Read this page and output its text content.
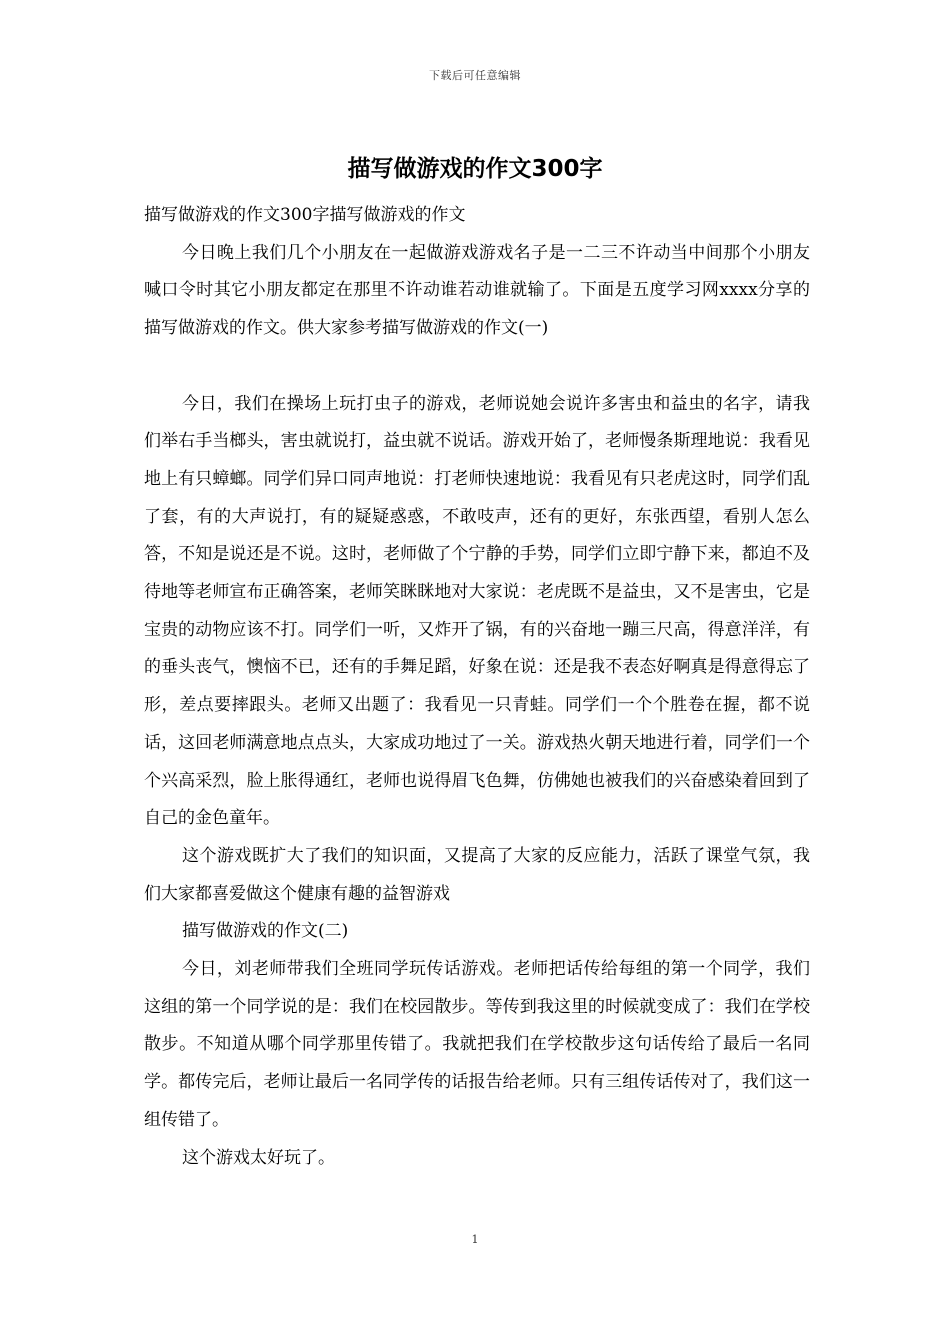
下载后可任意编辑
描写做游戏的作文300字

描写做游戏的作文300字描写做游戏的作文

今日晚上我们几个小朋友在一起做游戏游戏名子是一二三不许动当中间那个小朋友喊口令时其它小朋友都定在那里不许动谁若动谁就输了。下面是五度学习网xxxx分享的描写做游戏的作文。供大家参考描写做游戏的作文(一)

今日，我们在操场上玩打虫子的游戏，老师说她会说许多害虫和益虫的名字，请我们举右手当榔头，害虫就说打，益虫就不说话。游戏开始了，老师慢条斯理地说：我看见地上有只蟑螂。同学们异口同声地说：打老师快速地说：我看见有只老虎这时，同学们乱了套，有的大声说打，有的疑疑惑惑，不敢吱声，还有的更好，东张西望，看别人怎么答，不知是说还是不说。这时，老师做了个宁静的手势，同学们立即宁静下来，都迫不及待地等老师宣布正确答案，老师笑眯眯地对大家说：老虎既不是益虫，又不是害虫，它是宝贵的动物应该不打。同学们一听，又炸开了锅，有的兴奋地一蹦三尺高，得意洋洋，有的垂头丧气，懊恼不已，还有的手舞足蹈，好象在说：还是我不表态好啊真是得意得忘了形，差点要摔跟头。老师又出题了：我看见一只青蛙。同学们一个个胜卷在握，都不说话，这回老师满意地点点头，大家成功地过了一关。游戏热火朝天地进行着，同学们一个个兴高采烈，脸上胀得通红，老师也说得眉飞色舞，仿佛她也被我们的兴奋感染着回到了自己的金色童年。

这个游戏既扩大了我们的知识面，又提高了大家的反应能力，活跃了课堂气氛，我们大家都喜爱做这个健康有趣的益智游戏

描写做游戏的作文(二)

今日，刘老师带我们全班同学玩传话游戏。老师把话传给每组的第一个同学，我们这组的第一个同学说的是：我们在校园散步。等传到我这里的时候就变成了：我们在学校散步。不知道从哪个同学那里传错了。我就把我们在学校散步这句话传给了最后一名同学。都传完后，老师让最后一名同学传的话报告给老师。只有三组传话传对了，我们这一组传错了。

这个游戏太好玩了。

1
